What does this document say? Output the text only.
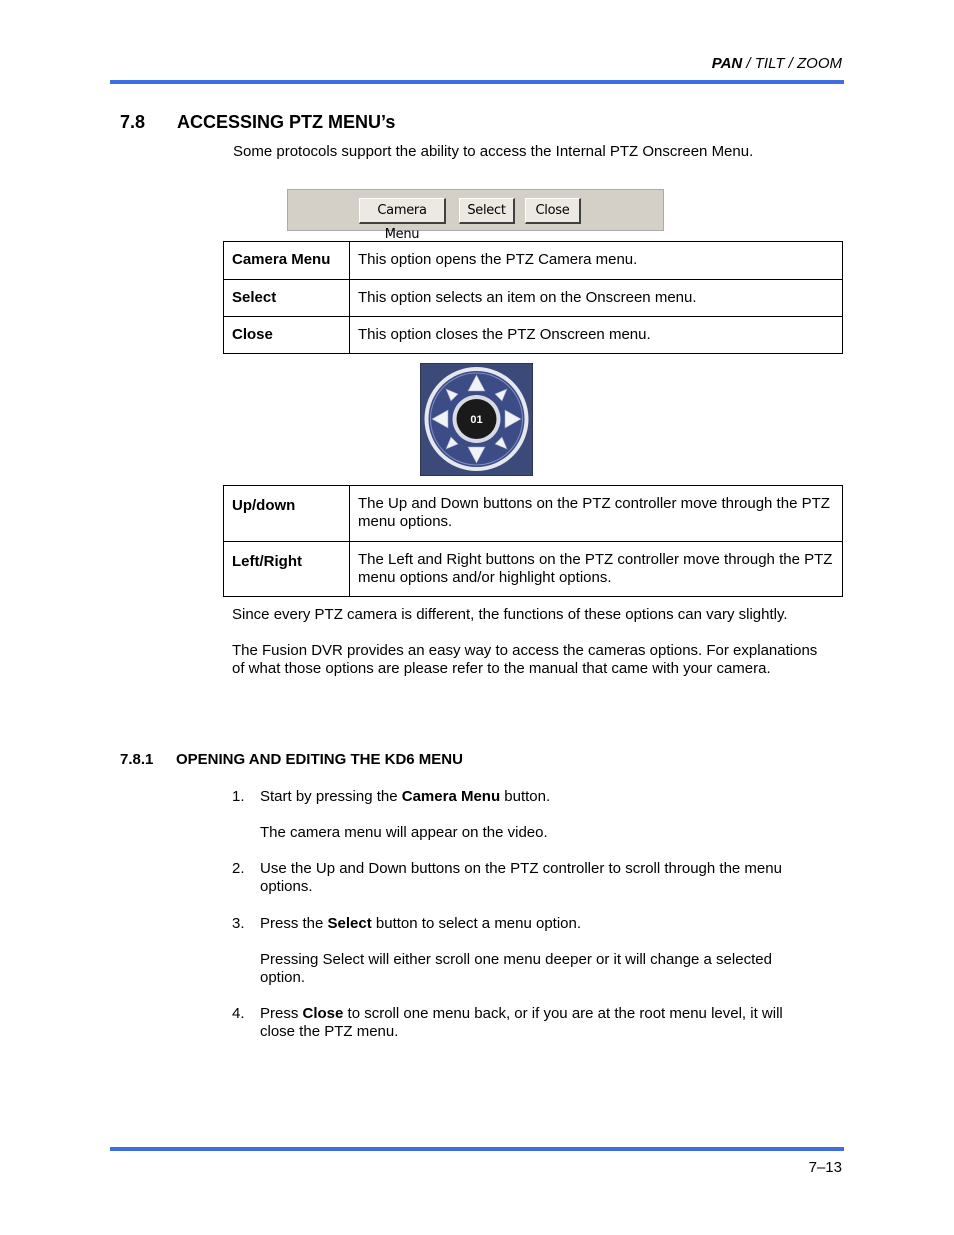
PAN / TILT / ZOOM
7.8 ACCESSING PTZ MENU’s
Some protocols support the ability to access the Internal PTZ Onscreen Menu.
Camera Menu
Select	Close
Camera Menu	This option opens the PTZ Camera menu.
Select	This option selects an item on the Onscreen menu.
Close	This option closes the PTZ Onscreen menu.
01
Up/down	The Up and Down buttons on the PTZ controller move through the PTZ menu options.
Left/Right	The Left and Right buttons on the PTZ controller move through the PTZ menu options and/or highlight options.
Since every PTZ camera is different, the functions of these options can vary slightly.
The Fusion DVR provides an easy way to access the cameras options. For explanations of what those options are please refer to the manual that came with your camera.
7.8.1 OPENING AND EDITING THE KD6 MENU
1. Start by pressing the Camera Menu button.
The camera menu will appear on the video.
2. Use the Up and Down buttons on the PTZ controller to scroll through the menu options.
3. Press the Select button to select a menu option.
Pressing Select will either scroll one menu deeper or it will change a selected option.
4. Press Close to scroll one menu back, or if you are at the root menu level, it will close the PTZ menu.
7–13
